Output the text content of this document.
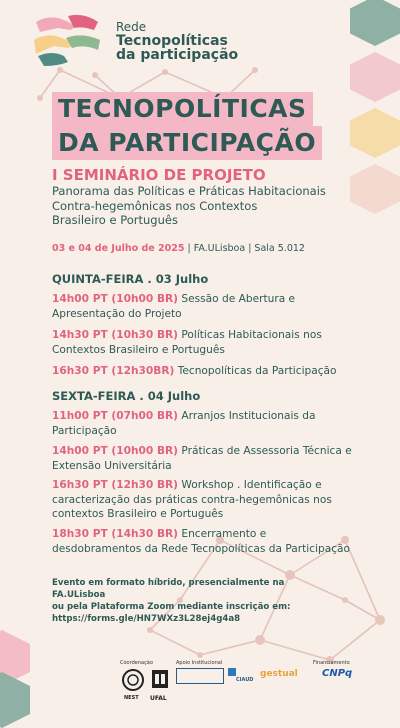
Rede
Tecnopolíticas
da participação
TECNOPOLÍTICAS
DA PARTICIPAÇÃO
I SEMINÁRIO DE PROJETO
Panorama das Políticas e Práticas Habitacionais
Contra-hegemônicas nos Contextos
Brasileiro e Português
03 e 04 de Julho de 2025 | FA.ULisboa | Sala 5.012
QUINTA-FEIRA . 03 Julho
14h00 PT (10h00 BR) Sessão de Abertura e Apresentação do Projeto
14h30 PT (10h30 BR) Políticas Habitacionais nos Contextos Brasileiro e Português
16h30 PT (12h30BR) Tecnopolíticas da Participação
SEXTA-FEIRA . 04 Julho
11h00 PT (07h00 BR) Arranjos Institucionais da Participação
14h00 PT (10h00 BR) Práticas de Assessoria Técnica e Extensão Universitária
16h30 PT (12h30 BR) Workshop . Identificação e caracterização das práticas contra-hegemônicas nos contextos Brasileiro e Português
18h30 PT (14h30 BR) Encerramento e desdobramentos da Rede Tecnopolíticas da Participação
Evento em formato híbrido, presencialmente na FA.ULisboa
ou pela Plataforma Zoom mediante inscrição em:
https://forms.gle/HN7WXz3L28ej4g4a8
Coordenação	Apoio Institucional	Financiamento
NEST UFAL
CIAUD
gestual CNPq
